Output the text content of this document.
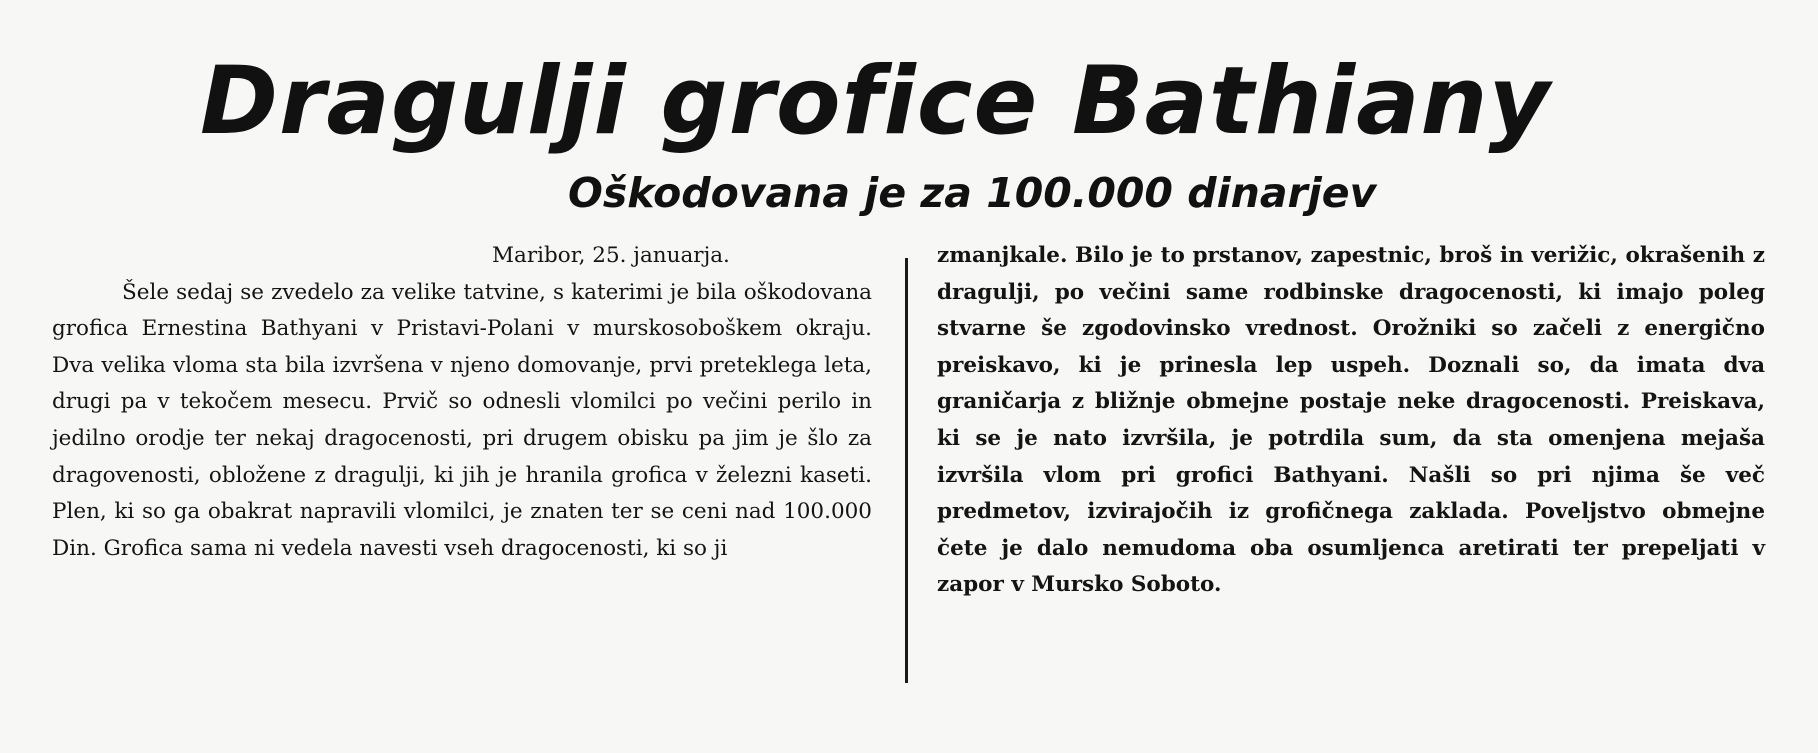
Dragulji grofice Bathiany
Oškodovana je za 100.000 dinarjev

Maribor, 25. januarja.

Šele sedaj se zvedelo za velike tatvine, s katerimi je bila oškodovana grofica Ernestina Bathyani v Pristavi-Polani v murskosoboškem okraju. Dva velika vloma sta bila izvršena v njeno domovanje, prvi preteklega leta, drugi pa v tekočem mesecu. Prvič so odnesli vlomilci po večini perilo in jedilno orodje ter nekaj dragocenosti, pri drugem obisku pa jim je šlo za dragovenosti, obložene z dragulji, ki jih je hranila grofica v železni kaseti. Plen, ki so ga obakrat napravili vlomilci, je znaten ter se ceni nad 100.000 Din. Grofica sama ni vedela navesti vseh dragocenosti, ki so ji

zmanjkale. Bilo je to prstanov, zapestnic, broš in verižic, okrašenih z dragulji, po večini same rodbinske dragocenosti, ki imajo poleg stvarne še zgodovinsko vrednost. Orožniki so začeli z energično preiskavo, ki je prinesla lep uspeh. Doznali so, da imata dva graničarja z bližnje obmejne postaje neke dragocenosti. Preiskava, ki se je nato izvršila, je potrdila sum, da sta omenjena mejaša izvršila vlom pri grofici Bathyani. Našli so pri njima še več predmetov, izvirajočih iz grofičnega zaklada. Poveljstvo obmejne čete je dalo nemudoma oba osumljenca aretirati ter prepeljati v zapor v Mursko Soboto.
